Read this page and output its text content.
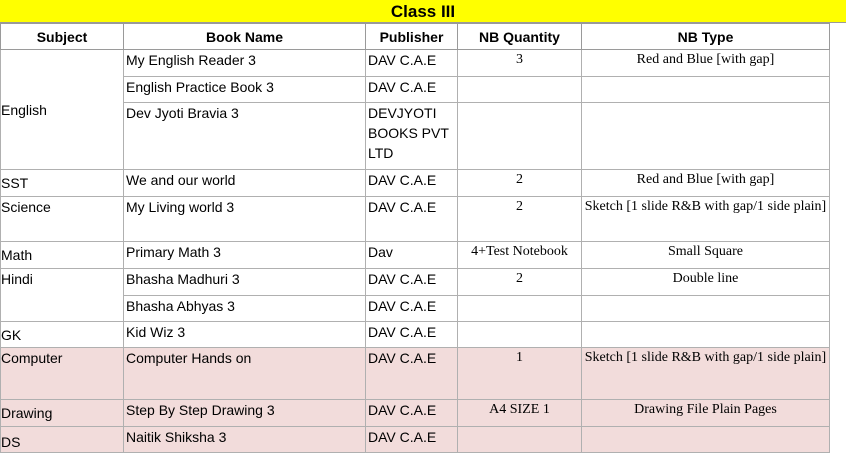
Class III
Subject	Book Name	Publisher	NB Quantity	NB Type
English	My English Reader 3	DAV C.A.E	3	Red and Blue [with gap]
	English Practice Book 3	DAV C.A.E		
	Dev Jyoti Bravia 3	DEVJYOTI BOOKS PVT LTD		
SST	We and our world	DAV C.A.E	2	Red and Blue [with gap]
Science	My Living world 3	DAV C.A.E	2	Sketch [1 slide R&B with gap/1 side plain]
Math	Primary Math 3	Dav	4+Test Notebook	Small Square
Hindi	Bhasha Madhuri 3	DAV C.A.E	2	Double line
	Bhasha Abhyas 3	DAV C.A.E		
GK	Kid Wiz 3	DAV C.A.E		
Computer	Computer Hands on	DAV C.A.E	1	Sketch [1 slide R&B with gap/1 side plain]
Drawing	Step By Step Drawing 3	DAV C.A.E	A4 SIZE 1	Drawing File Plain Pages
DS	Naitik Shiksha 3	DAV C.A.E		
